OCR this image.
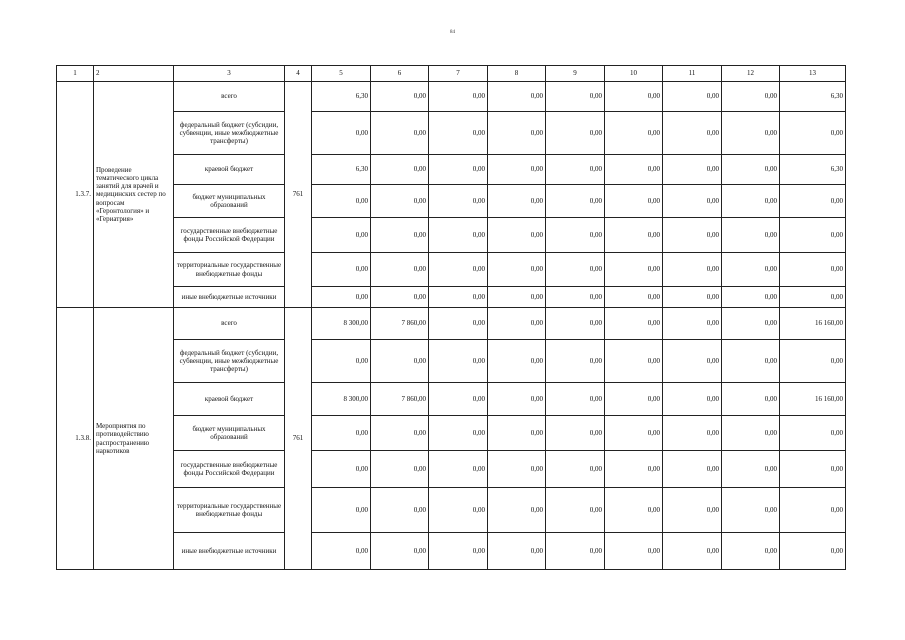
84
1	2	3	4	5	6	7	8	9	10	11	12	13
1.3.7.	Проведение тематического цикла занятий для врачей и медицинских сестер по вопросам «Геронтология» и «Гериатрия»	всего	761	6,30	0,00	0,00	0,00	0,00	0,00	0,00	0,00	6,30
		федеральный бюджет (субсидии, субвенции, иные межбюджетные трансферты)		0,00	0,00	0,00	0,00	0,00	0,00	0,00	0,00	0,00
		краевой бюджет		6,30	0,00	0,00	0,00	0,00	0,00	0,00	0,00	6,30
		бюджет муниципальных образований		0,00	0,00	0,00	0,00	0,00	0,00	0,00	0,00	0,00
		государственные внебюджетные фонды Российской Федерации		0,00	0,00	0,00	0,00	0,00	0,00	0,00	0,00	0,00
		территориальные государственные внебюджетные фонды		0,00	0,00	0,00	0,00	0,00	0,00	0,00	0,00	0,00
		иные внебюджетные источники		0,00	0,00	0,00	0,00	0,00	0,00	0,00	0,00	0,00
1.3.8.	Мероприятия по противодействию распространению наркотиков	всего	761	8 300,00	7 860,00	0,00	0,00	0,00	0,00	0,00	0,00	16 160,00
		федеральный бюджет (субсидии, субвенции, иные межбюджетные трансферты)		0,00	0,00	0,00	0,00	0,00	0,00	0,00	0,00	0,00
		краевой бюджет		8 300,00	7 860,00	0,00	0,00	0,00	0,00	0,00	0,00	16 160,00
		бюджет муниципальных образований		0,00	0,00	0,00	0,00	0,00	0,00	0,00	0,00	0,00
		государственные внебюджетные фонды Российской Федерации		0,00	0,00	0,00	0,00	0,00	0,00	0,00	0,00	0,00
		территориальные государственные внебюджетные фонды		0,00	0,00	0,00	0,00	0,00	0,00	0,00	0,00	0,00
		иные внебюджетные источники		0,00	0,00	0,00	0,00	0,00	0,00	0,00	0,00	0,00
